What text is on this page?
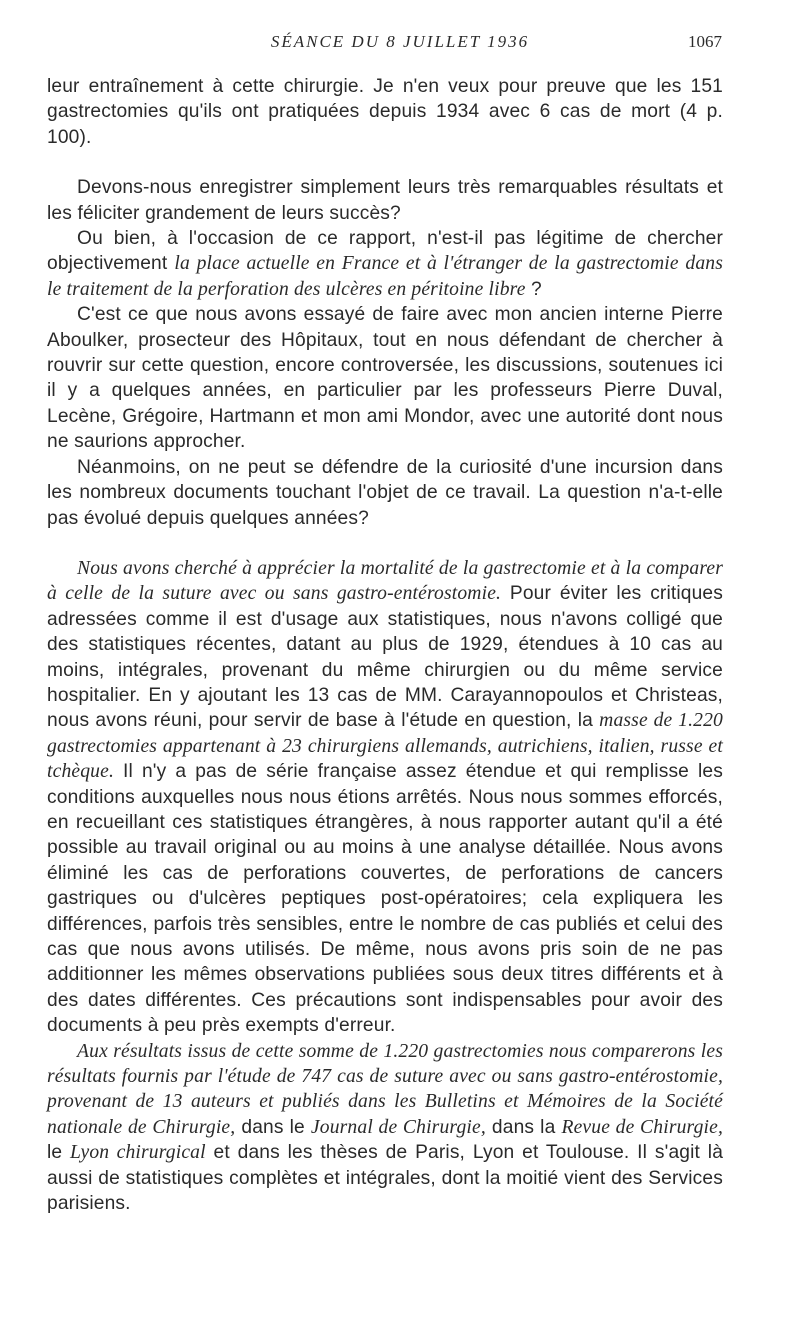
SÉANCE DU 8 JUILLET 1936	1067

leur entraînement à cette chirurgie. Je n'en veux pour preuve que les 151 gastrectomies qu'ils ont pratiquées depuis 1934 avec 6 cas de mort (4 p. 100).

Devons-nous enregistrer simplement leurs très remarquables résultats et les féliciter grandement de leurs succès?

Ou bien, à l'occasion de ce rapport, n'est-il pas légitime de chercher objectivement la place actuelle en France et à l'étranger de la gastrectomie dans le traitement de la perforation des ulcères en péritoine libre ?

C'est ce que nous avons essayé de faire avec mon ancien interne Pierre Aboulker, prosecteur des Hôpitaux, tout en nous défendant de chercher à rouvrir sur cette question, encore controversée, les discussions, soutenues ici il y a quelques années, en particulier par les professeurs Pierre Duval, Lecène, Grégoire, Hartmann et mon ami Mondor, avec une autorité dont nous ne saurions approcher.

Néanmoins, on ne peut se défendre de la curiosité d'une incursion dans les nombreux documents touchant l'objet de ce travail. La question n'a-t-elle pas évolué depuis quelques années?

Nous avons cherché à apprécier la mortalité de la gastrectomie et à la comparer à celle de la suture avec ou sans gastro-entérostomie. Pour éviter les critiques adressées comme il est d'usage aux statistiques, nous n'avons colligé que des statistiques récentes, datant au plus de 1929, étendues à 10 cas au moins, intégrales, provenant du même chirurgien ou du même service hospitalier. En y ajoutant les 13 cas de MM. Carayannopoulos et Christeas, nous avons réuni, pour servir de base à l'étude en question, la masse de 1.220 gastrectomies appartenant à 23 chirurgiens allemands, autrichiens, italien, russe et tchèque. Il n'y a pas de série française assez étendue et qui remplisse les conditions auxquelles nous nous étions arrêtés. Nous nous sommes efforcés, en recueillant ces statistiques étrangères, à nous rapporter autant qu'il a été possible au travail original ou au moins à une analyse détaillée. Nous avons éliminé les cas de perforations couvertes, de perforations de cancers gastriques ou d'ulcères peptiques post-opératoires; cela expliquera les différences, parfois très sensibles, entre le nombre de cas publiés et celui des cas que nous avons utilisés. De même, nous avons pris soin de ne pas additionner les mêmes observations publiées sous deux titres différents et à des dates différentes. Ces précautions sont indispensables pour avoir des documents à peu près exempts d'erreur.

Aux résultats issus de cette somme de 1.220 gastrectomies nous comparerons les résultats fournis par l'étude de 747 cas de suture avec ou sans gastro-entérostomie, provenant de 13 auteurs et publiés dans les Bulletins et Mémoires de la Société nationale de Chirurgie, dans le Journal de Chirurgie, dans la Revue de Chirurgie, le Lyon chirurgical et dans les thèses de Paris, Lyon et Toulouse. Il s'agit là aussi de statistiques complètes et intégrales, dont la moitié vient des Services parisiens.
